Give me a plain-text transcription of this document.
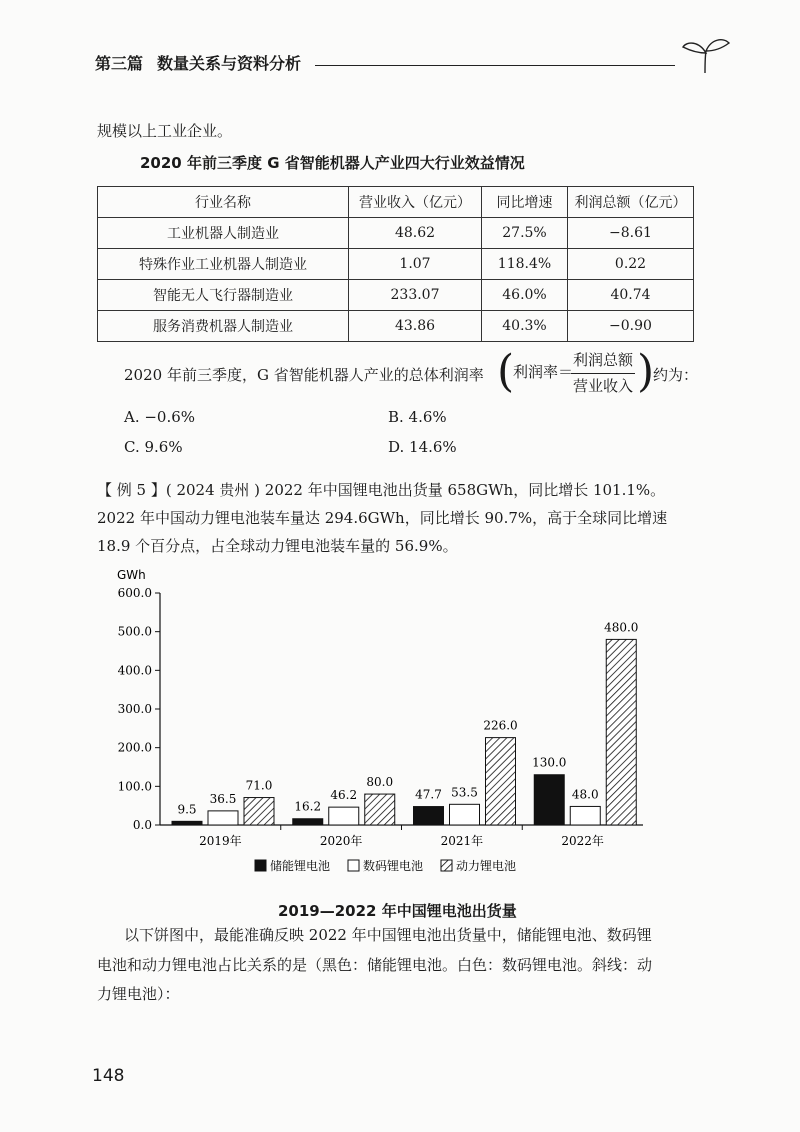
第三篇 数量关系与资料分析
规模以上工业企业。
2020 年前三季度 G 省智能机器人产业四大行业效益情况
行业名称	营业收入（亿元）	同比增速	利润总额（亿元）
工业机器人制造业	48.62	27.5%	−8.61
特殊作业工业机器人制造业	1.07	118.4%	0.22
智能无人飞行器制造业	233.07	46.0%	40.74
服务消费机器人制造业	43.86	40.3%	−0.90
2020 年前三季度，G 省智能机器人产业的总体利润率 (
利润率＝
利润总额
营业收入 )
约为：
A. −0.6%	B. 4.6%
C. 9.6%	D. 14.6%
【 例 5 】( 2024 贵州 ) 2022 年中国锂电池出货量 658GWh，同比增长 101.1%。
2022 年中国动力锂电池装车量达 294.6GWh，同比增长 90.7%，高于全球同比增速
18.9 个百分点，占全球动力锂电池装车量的 56.9%。
GWh
0.0
100.0
200.0
300.0
400.0
500.0
600.0
2019年	2020年	2021年	2022年
9.5
36.5
71.0
16.2
46.2
80.0
47.7 53.5
226.0
130.0
48.0
480.0
储能锂电池	数码锂电池	动力锂电池
2019—2022 年中国锂电池出货量
以下饼图中，最能准确反映 2022 年中国锂电池出货量中，储能锂电池、数码锂
电池和动力锂电池占比关系的是（黑色：储能锂电池。白色：数码锂电池。斜线：动
力锂电池）：
148
